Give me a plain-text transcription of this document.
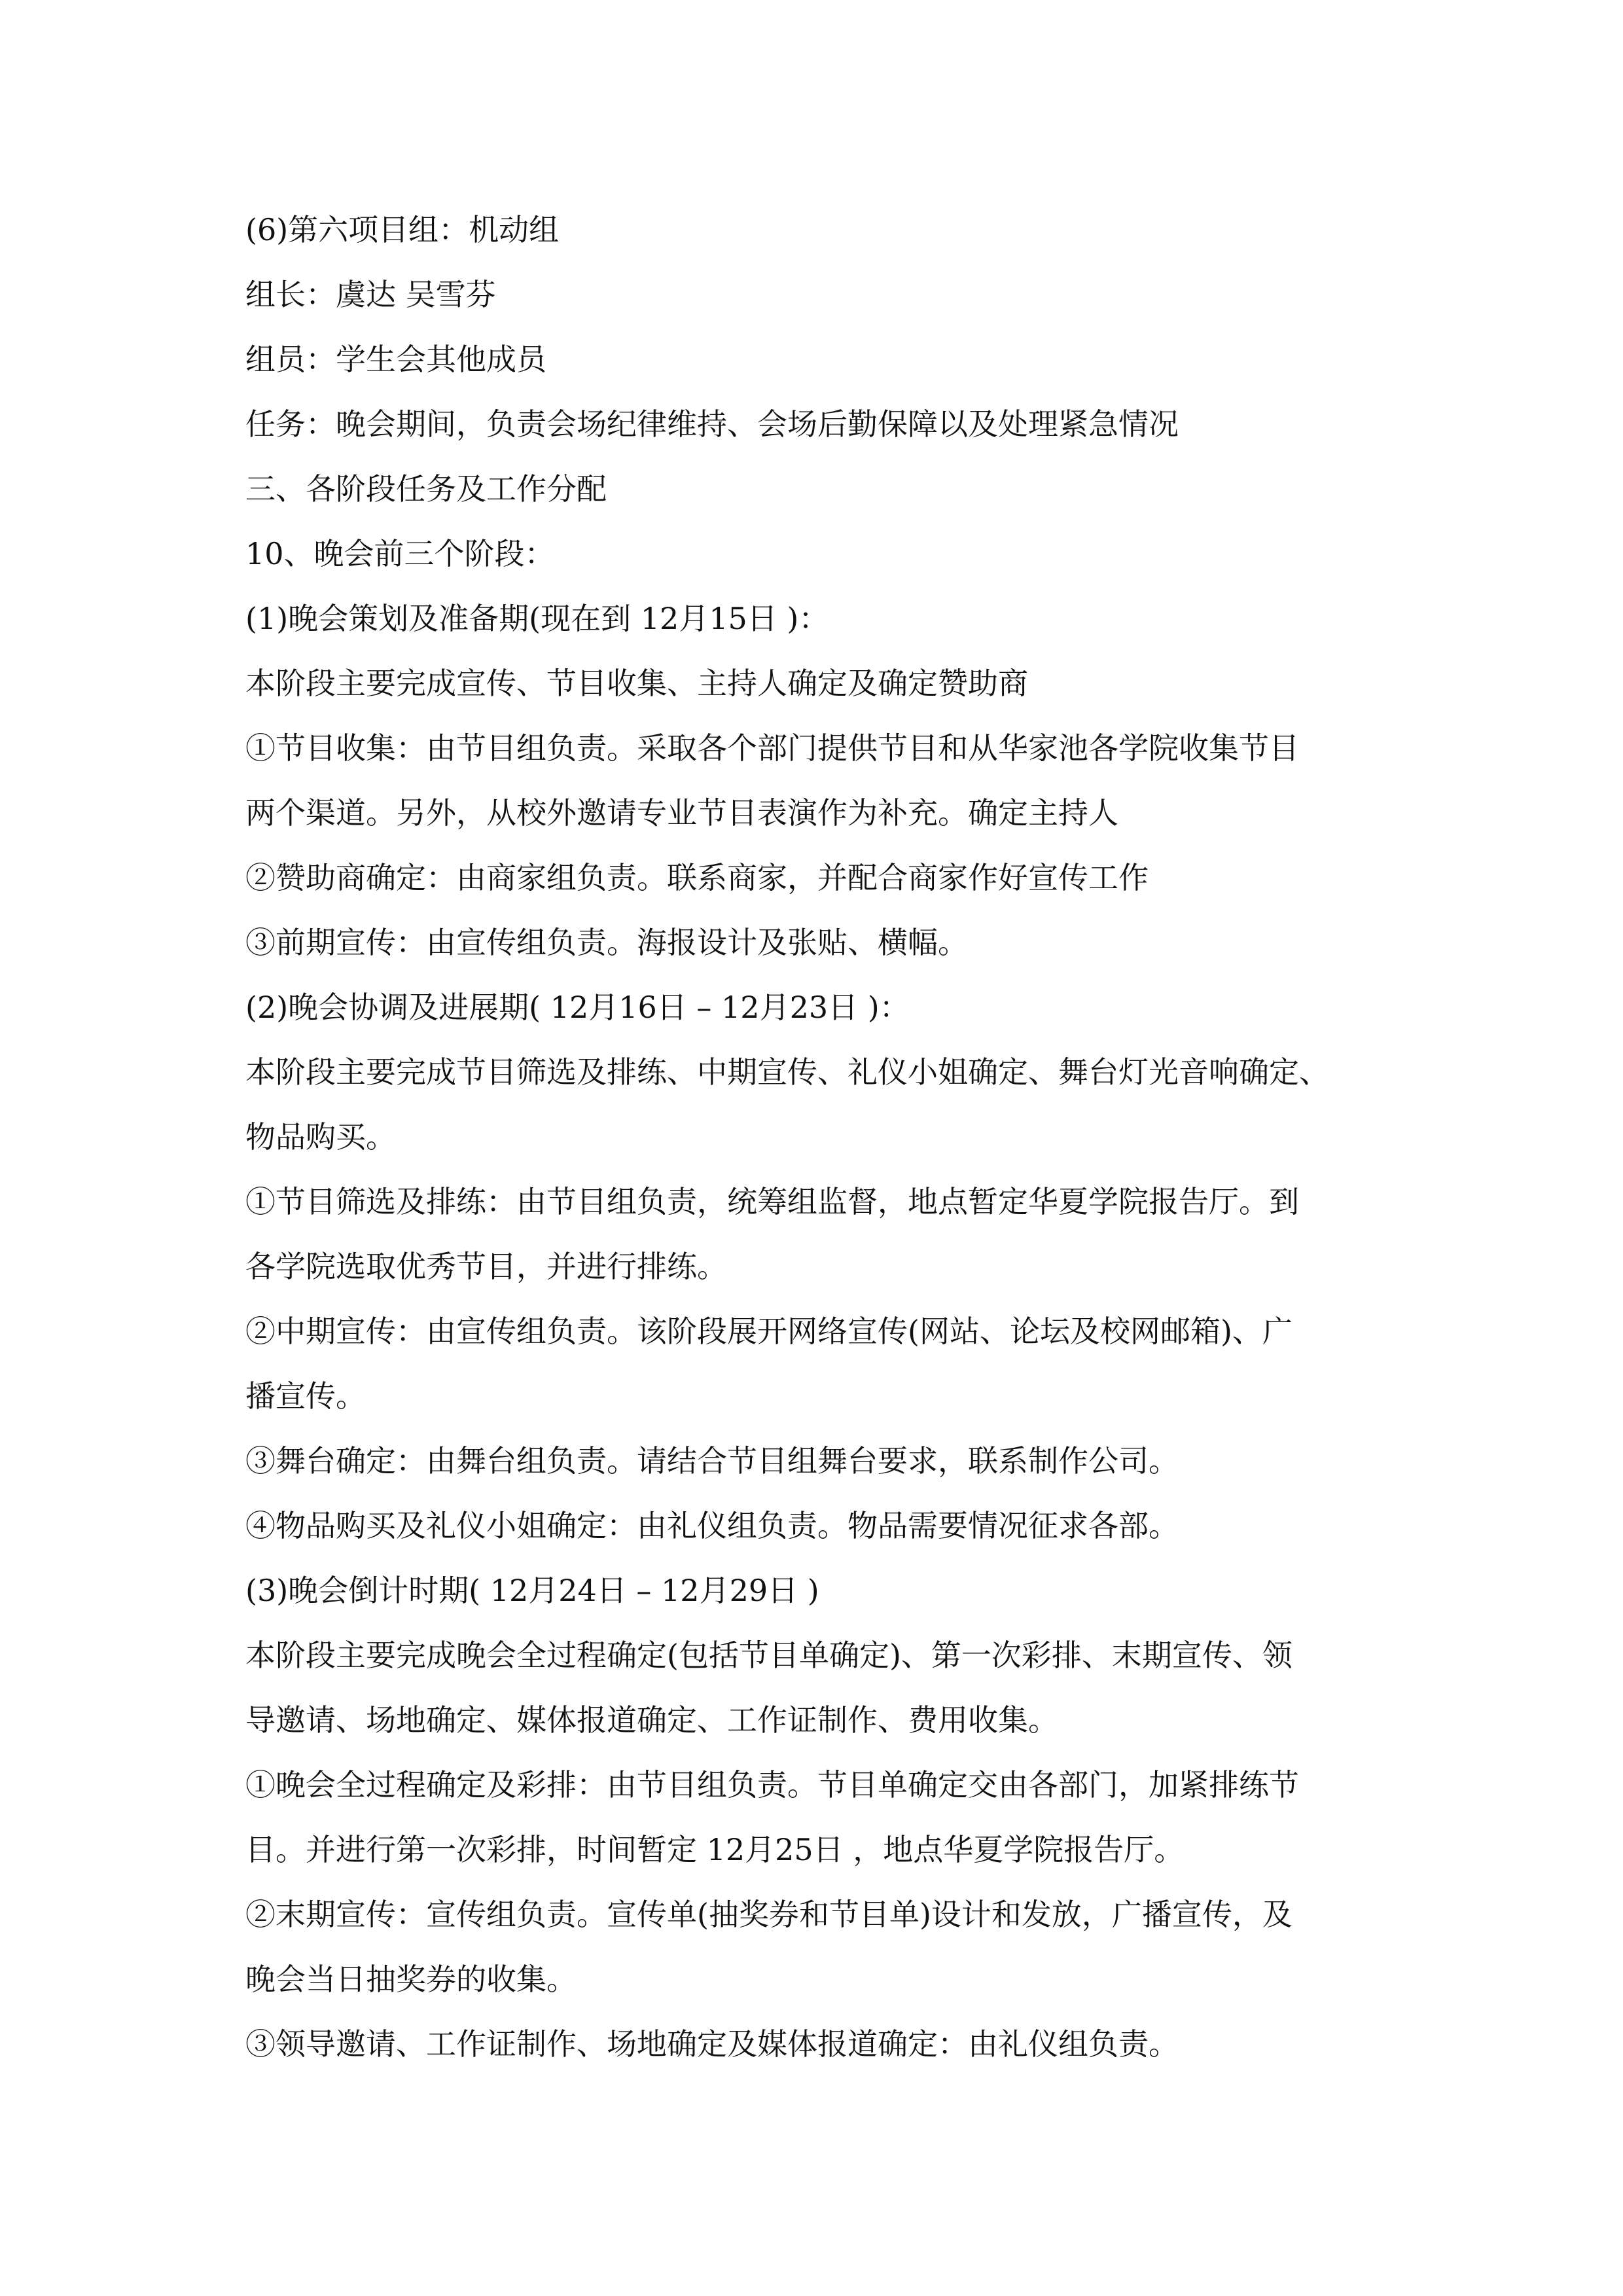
(6)第六项目组：机动组
组长：虞达 吴雪芬
组员：学生会其他成员
任务：晚会期间，负责会场纪律维持、会场后勤保障以及处理紧急情况
三、各阶段任务及工作分配
10、晚会前三个阶段：
(1)晚会策划及准备期(现在到 12月15日 )：
本阶段主要完成宣传、节目收集、主持人确定及确定赞助商
①节目收集：由节目组负责。采取各个部门提供节目和从华家池各学院收集节目
两个渠道。另外，从校外邀请专业节目表演作为补充。确定主持人
②赞助商确定：由商家组负责。联系商家，并配合商家作好宣传工作
③前期宣传：由宣传组负责。海报设计及张贴、横幅。
(2)晚会协调及进展期( 12月16日 – 12月23日 )：
本阶段主要完成节目筛选及排练、中期宣传、礼仪小姐确定、舞台灯光音响确定、
物品购买。
①节目筛选及排练：由节目组负责，统筹组监督，地点暂定华夏学院报告厅。到
各学院选取优秀节目，并进行排练。
②中期宣传：由宣传组负责。该阶段展开网络宣传(网站、论坛及校网邮箱)、广
播宣传。
③舞台确定：由舞台组负责。请结合节目组舞台要求，联系制作公司。
④物品购买及礼仪小姐确定：由礼仪组负责。物品需要情况征求各部。
(3)晚会倒计时期( 12月24日 – 12月29日 )
本阶段主要完成晚会全过程确定(包括节目单确定)、第一次彩排、末期宣传、领
导邀请、场地确定、媒体报道确定、工作证制作、费用收集。
①晚会全过程确定及彩排：由节目组负责。节目单确定交由各部门，加紧排练节
目。并进行第一次彩排，时间暂定 12月25日 ，地点华夏学院报告厅。
②末期宣传：宣传组负责。宣传单(抽奖券和节目单)设计和发放，广播宣传，及
晚会当日抽奖券的收集。
③领导邀请、工作证制作、场地确定及媒体报道确定：由礼仪组负责。
